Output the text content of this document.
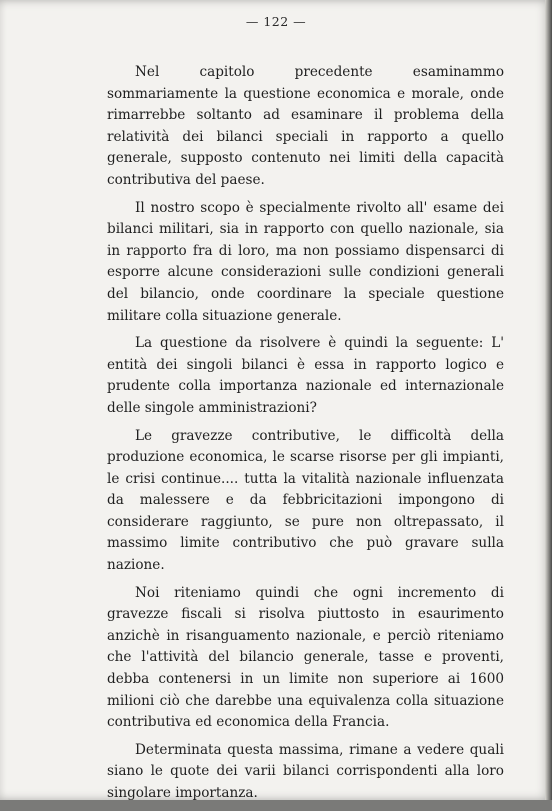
— 122 —

Nel capitolo precedente esaminammo sommariamente la questione economica e morale, onde rimarrebbe soltanto ad esaminare il problema della relatività dei bilanci speciali in rapporto a quello generale, supposto contenuto nei limiti della capacità contributiva del paese.

Il nostro scopo è specialmente rivolto all' esame dei bilanci militari, sia in rapporto con quello nazionale, sia in rapporto fra di loro, ma non possiamo dispensarci di esporre alcune considerazioni sulle condizioni generali del bilancio, onde coordinare la speciale questione militare colla situazione generale.

La questione da risolvere è quindi la seguente: L' entità dei singoli bilanci è essa in rapporto logico e prudente colla importanza nazionale ed internazionale delle singole amministrazioni?

Le gravezze contributive, le difficoltà della produzione economica, le scarse risorse per gli impianti, le crisi continue.... tutta la vitalità nazionale influenzata da malessere e da febbricitazioni impongono di considerare raggiunto, se pure non oltrepassato, il massimo limite contributivo che può gravare sulla nazione.

Noi riteniamo quindi che ogni incremento di gravezze fiscali si risolva piuttosto in esaurimento anzichè in risanguamento nazionale, e perciò riteniamo che l'attività del bilancio generale, tasse e proventi, debba contenersi in un limite non superiore ai 1600 milioni ciò che darebbe una equivalenza colla situazione contributiva ed economica della Francia.

Determinata questa massima, rimane a vedere quali siano le quote dei varii bilanci corrispondenti alla loro singolare importanza.
